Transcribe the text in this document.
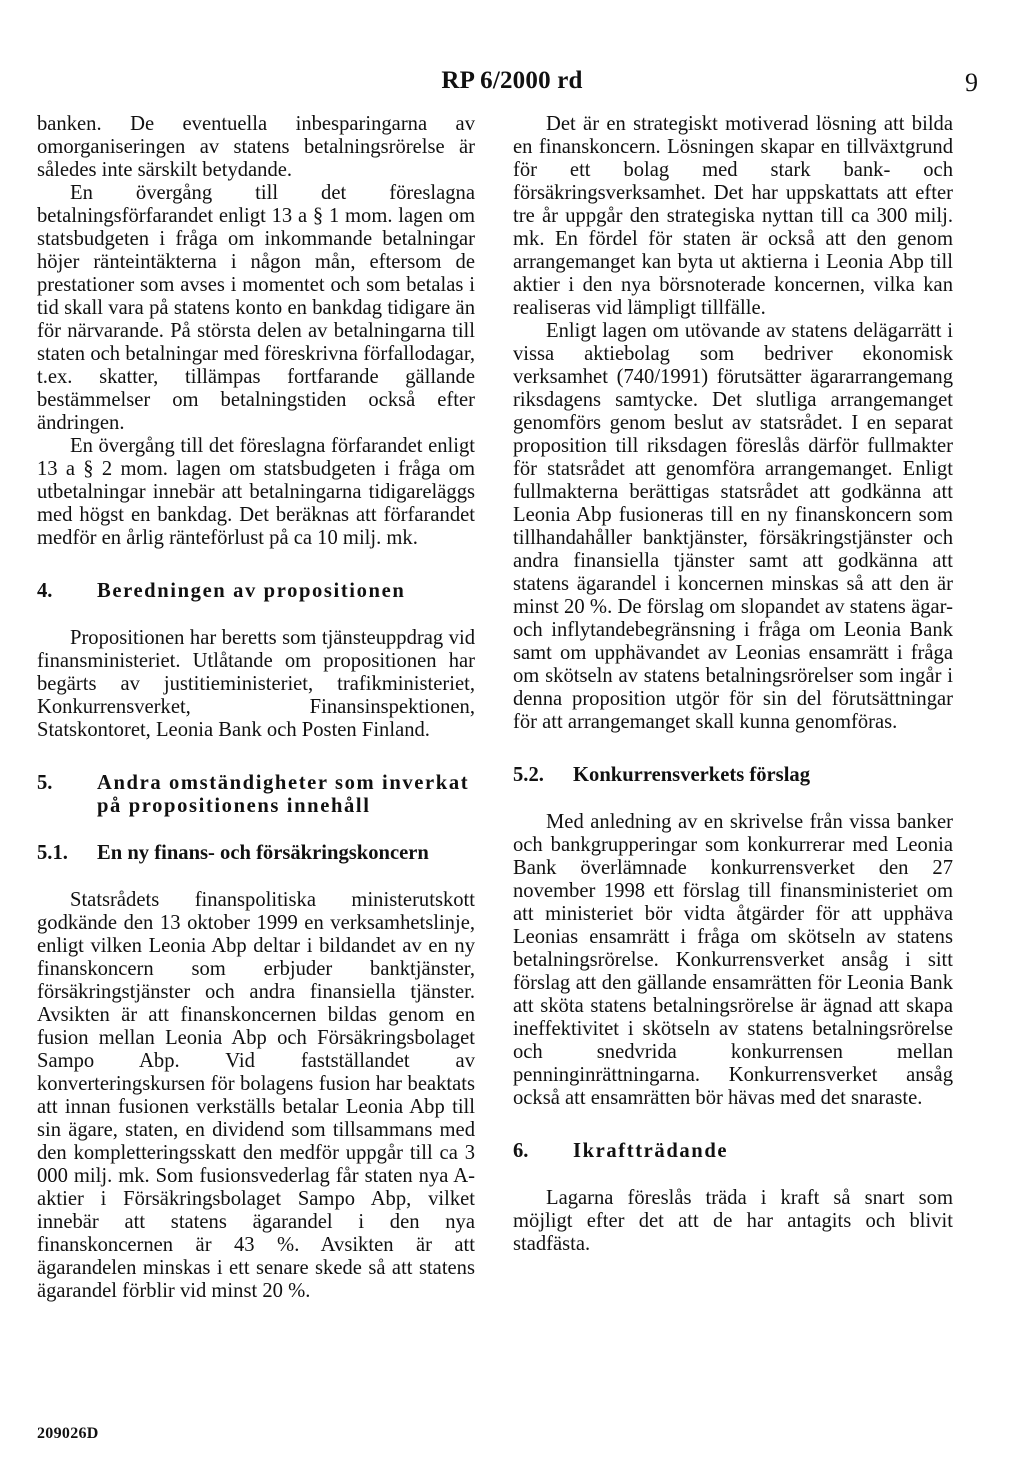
RP 6/2000 rd	9

banken. De eventuella inbesparingarna av omorganiseringen av statens betalningsrörelse är således inte särskilt betydande.

En övergång till det föreslagna betalningsförfarandet enligt 13 a § 1 mom. lagen om statsbudgeten i fråga om inkommande betalningar höjer ränteintäkterna i någon mån, eftersom de prestationer som avses i momentet och som betalas i tid skall vara på statens konto en bankdag tidigare än för närvarande. På största delen av betalningarna till staten och betalningar med föreskrivna förfallodagar, t.ex. skatter, tillämpas fortfarande gällande bestämmelser om betalningstiden också efter ändringen.

En övergång till det föreslagna förfarandet enligt 13 a § 2 mom. lagen om statsbudgeten i fråga om utbetalningar innebär att betalningarna tidigareläggs med högst en bankdag. Det beräknas att förfarandet medför en årlig ränteförlust på ca 10 milj. mk.

4.	Beredningen av propositionen

Propositionen har beretts som tjänsteuppdrag vid finansministeriet. Utlåtande om propositionen har begärts av justitieministeriet, trafikministeriet, Konkurrensverket, Finansinspektionen, Statskontoret, Leonia Bank och Posten Finland.

5.	Andra omständigheter som inverkat på propositionens innehåll
5.1.	En ny finans- och försäkringskoncern

Statsrådets finanspolitiska ministerutskott godkände den 13 oktober 1999 en verksamhetslinje, enligt vilken Leonia Abp deltar i bildandet av en ny finanskoncern som erbjuder banktjänster, försäkringstjänster och andra finansiella tjänster. Avsikten är att finanskoncernen bildas genom en fusion mellan Leonia Abp och Försäkringsbolaget Sampo Abp. Vid fastställandet av konverteringskursen för bolagens fusion har beaktats att innan fusionen verkställs betalar Leonia Abp till sin ägare, staten, en dividend som tillsammans med den kompletteringsskatt den medför uppgår till ca 3 000 milj. mk. Som fusionsvederlag får staten nya A-aktier i Försäkringsbolaget Sampo Abp, vilket innebär att statens ägarandel i den nya finanskoncernen är 43 %. Avsikten är att ägarandelen minskas i ett senare skede så att statens ägarandel förblir vid minst 20 %.

Det är en strategiskt motiverad lösning att bilda en finanskoncern. Lösningen skapar en tillväxtgrund för ett bolag med stark bank- och försäkringsverksamhet. Det har uppskattats att efter tre år uppgår den strategiska nyttan till ca 300 milj. mk. En fördel för staten är också att den genom arrangemanget kan byta ut aktierna i Leonia Abp till aktier i den nya börsnoterade koncernen, vilka kan realiseras vid lämpligt tillfälle.

Enligt lagen om utövande av statens delägarrätt i vissa aktiebolag som bedriver ekonomisk verksamhet (740/1991) förutsätter ägararrangemang riksdagens samtycke. Det slutliga arrangemanget genomförs genom beslut av statsrådet. I en separat proposition till riksdagen föreslås därför fullmakter för statsrådet att genomföra arrangemanget. Enligt fullmakterna berättigas statsrådet att godkänna att Leonia Abp fusioneras till en ny finanskoncern som tillhandahåller banktjänster, försäkringstjänster och andra finansiella tjänster samt att godkänna att statens ägarandel i koncernen minskas så att den är minst 20 %. De förslag om slopandet av statens ägar- och inflytandebegränsning i fråga om Leonia Bank samt om upphävandet av Leonias ensamrätt i fråga om skötseln av statens betalningsrörelser som ingår i denna proposition utgör för sin del förutsättningar för att arrangemanget skall kunna genomföras.

5.2.	Konkurrensverkets förslag

Med anledning av en skrivelse från vissa banker och bankgrupperingar som konkurrerar med Leonia Bank överlämnade konkurrensverket den 27 november 1998 ett förslag till finansministeriet om att ministeriet bör vidta åtgärder för att upphäva Leonias ensamrätt i fråga om skötseln av statens betalningsrörelse. Konkurrensverket ansåg i sitt förslag att den gällande ensamrätten för Leonia Bank att sköta statens betalningsrörelse är ägnad att skapa ineffektivitet i skötseln av statens betalningsrörelse och snedvrida konkurrensen mellan penninginrättningarna. Konkurrensverket ansåg också att ensamrätten bör hävas med det snaraste.

6.	Ikraftträdande

Lagarna föreslås träda i kraft så snart som möjligt efter det att de har antagits och blivit stadfästa.

209026D
